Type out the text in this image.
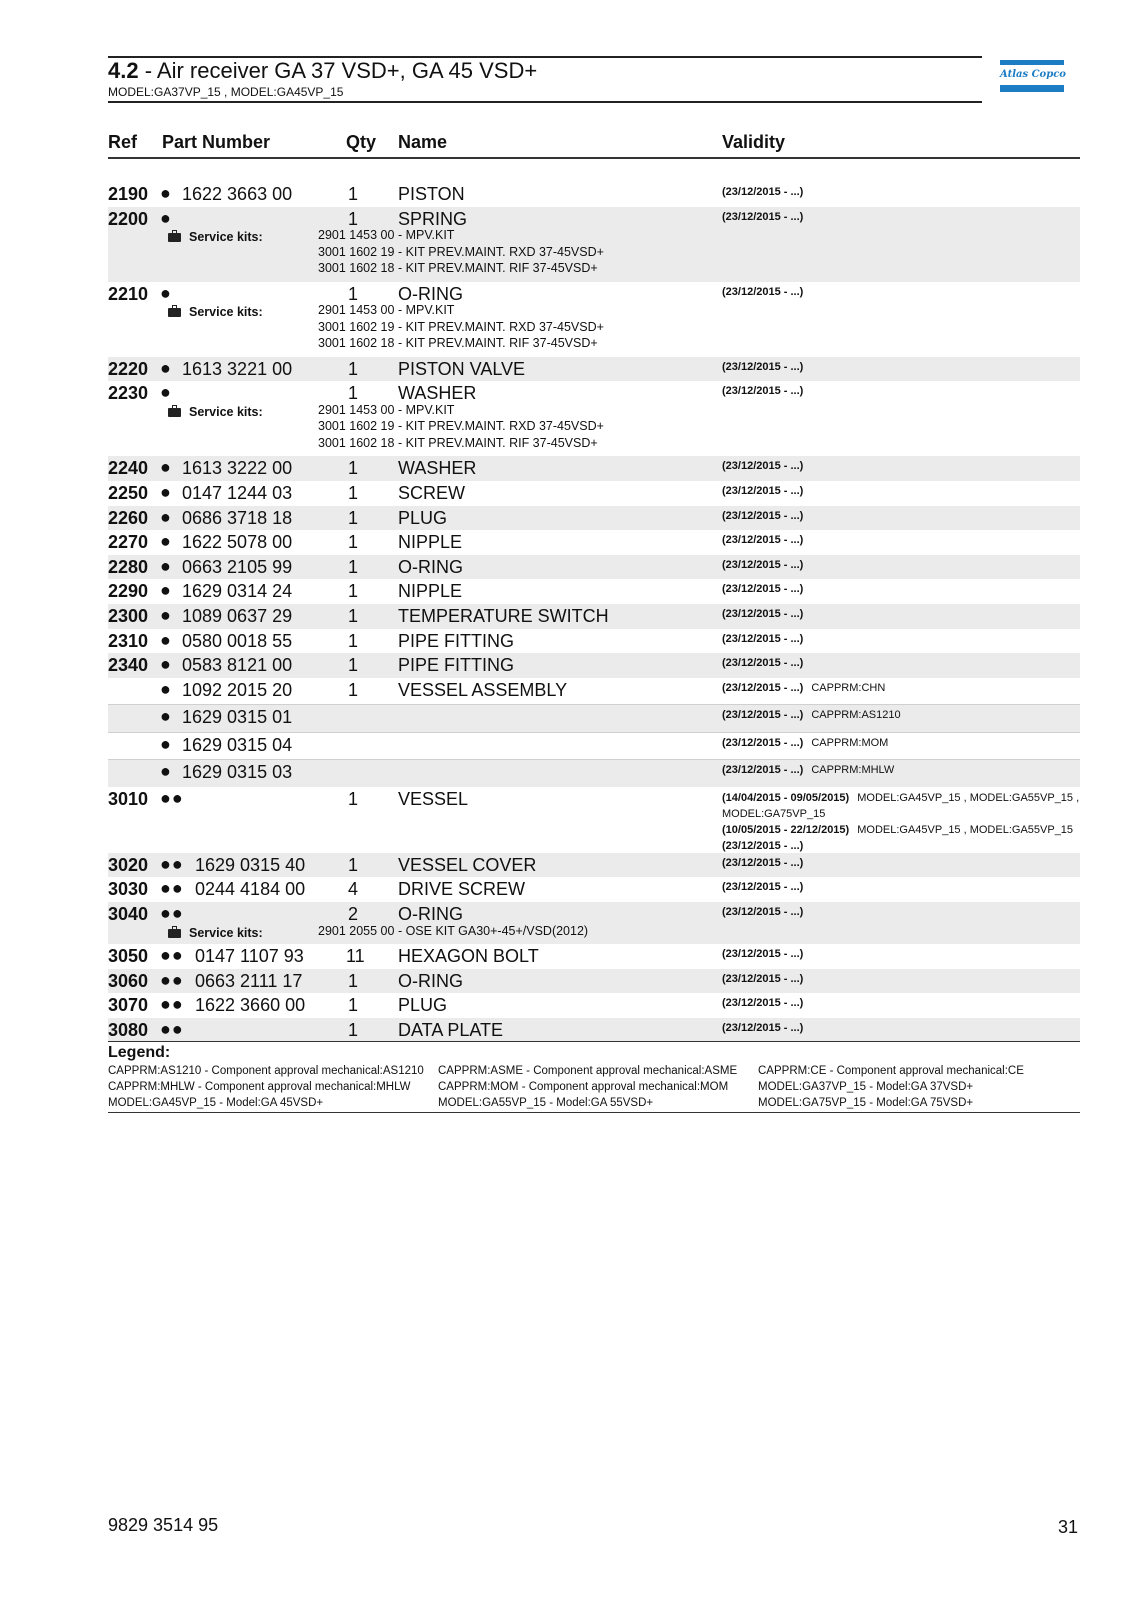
4.2 - Air receiver GA 37 VSD+, GA 45 VSD+
MODEL:GA37VP_15 , MODEL:GA45VP_15
Atlas Copco
Ref Part Number	Qty Name	Validity
2190 ● 1622 3663 00	1 PISTON	(23/12/2015 - ...)
2200 ●	1 SPRING	(23/12/2015 - ...)
Service kits:	2901 1453 00 - MPV.KIT
3001 1602 19 - KIT PREV.MAINT. RXD 37-45VSD+
3001 1602 18 - KIT PREV.MAINT. RIF 37-45VSD+
2210 ●	1 O-RING	(23/12/2015 - ...)
Service kits:	2901 1453 00 - MPV.KIT
3001 1602 19 - KIT PREV.MAINT. RXD 37-45VSD+
3001 1602 18 - KIT PREV.MAINT. RIF 37-45VSD+
2220 ● 1613 3221 00	1 PISTON VALVE	(23/12/2015 - ...)
2230 ●	1 WASHER	(23/12/2015 - ...)
Service kits:	2901 1453 00 - MPV.KIT
3001 1602 19 - KIT PREV.MAINT. RXD 37-45VSD+
3001 1602 18 - KIT PREV.MAINT. RIF 37-45VSD+
2240 ● 1613 3222 00	1 WASHER	(23/12/2015 - ...)
2250 ● 0147 1244 03	1 SCREW	(23/12/2015 - ...)
2260 ● 0686 3718 18	1 PLUG	(23/12/2015 - ...)
2270 ● 1622 5078 00	1 NIPPLE	(23/12/2015 - ...)
2280 ● 0663 2105 99	1 O-RING	(23/12/2015 - ...)
2290 ● 1629 0314 24	1 NIPPLE	(23/12/2015 - ...)
2300 ● 1089 0637 29	1 TEMPERATURE SWITCH	(23/12/2015 - ...)
2310 ● 0580 0018 55	1 PIPE FITTING	(23/12/2015 - ...)
2340 ● 0583 8121 00	1 PIPE FITTING	(23/12/2015 - ...)
● 1092 2015 20	1 VESSEL ASSEMBLY	(23/12/2015 - ...) CAPPRM:CHN
● 1629 0315 01	(23/12/2015 - ...) CAPPRM:AS1210
● 1629 0315 04	(23/12/2015 - ...) CAPPRM:MOM
● 1629 0315 03	(23/12/2015 - ...) CAPPRM:MHLW
3010 ●●	1 VESSEL	(14/04/2015 - 09/05/2015) MODEL:GA45VP_15 , MODEL:GA55VP_15 ,
MODEL:GA75VP_15
(10/05/2015 - 22/12/2015) MODEL:GA45VP_15 , MODEL:GA55VP_15
(23/12/2015 - ...)
3020 ●● 1629 0315 40 1 VESSEL COVER	(23/12/2015 - ...)
3030 ●● 0244 4184 00 4 DRIVE SCREW	(23/12/2015 - ...)
3040 ●●	2 O-RING	(23/12/2015 - ...)
Service kits:	2901 2055 00 - OSE KIT GA30+-45+/VSD(2012)
3050 ●● 0147 1107 93 11 HEXAGON BOLT	(23/12/2015 - ...)
3060 ●● 0663 2111 17	1 O-RING	(23/12/2015 - ...)
3070 ●● 1622 3660 00 1 PLUG	(23/12/2015 - ...)
3080 ●●	1 DATA PLATE	(23/12/2015 - ...)
Legend:
CAPPRM:AS1210 - Component approval mechanical:AS1210 CAPPRM:ASME - Component approval mechanical:ASME CAPPRM:CE - Component approval mechanical:CE
CAPPRM:MHLW - Component approval mechanical:MHLW CAPPRM:MOM - Component approval mechanical:MOM	MODEL:GA37VP_15 - Model:GA 37VSD+
MODEL:GA45VP_15 - Model:GA 45VSD+	MODEL:GA55VP_15 - Model:GA 55VSD+	MODEL:GA75VP_15 - Model:GA 75VSD+
9829 3514 95	31
